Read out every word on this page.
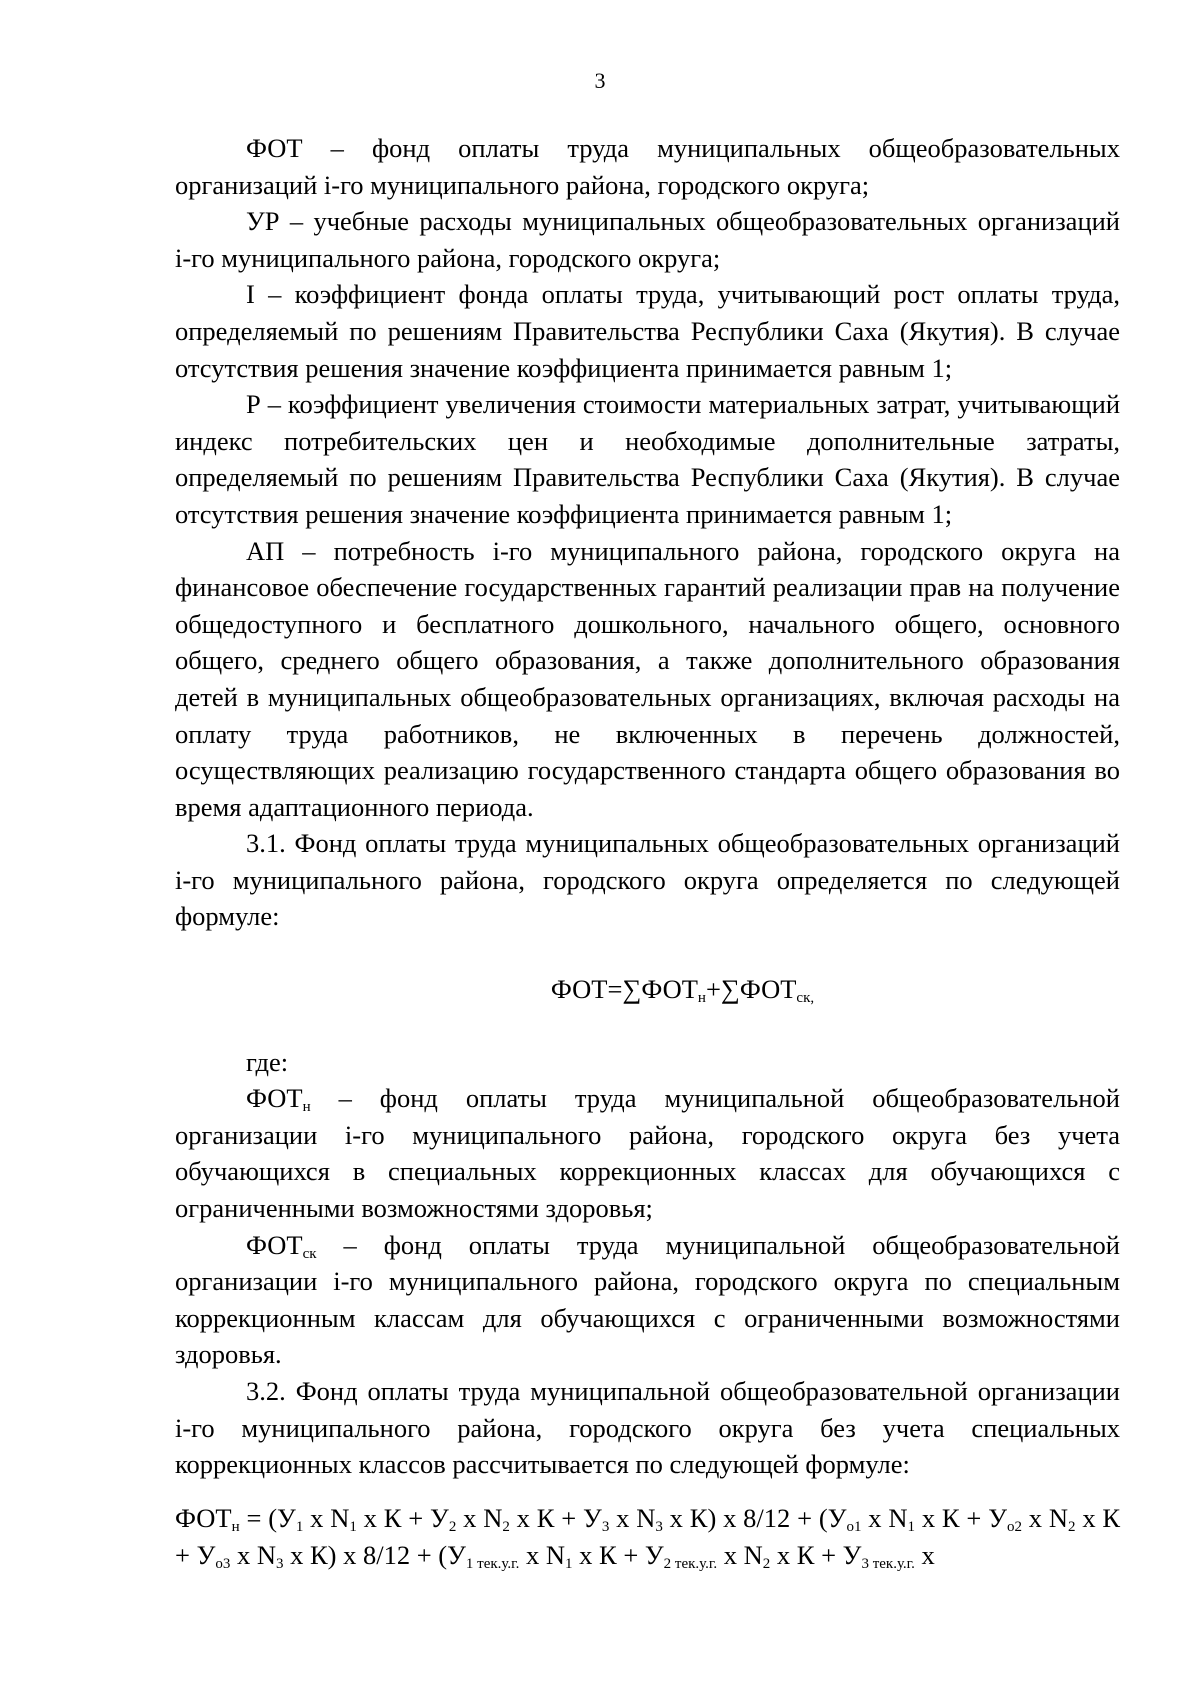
3

ФОТ – фонд оплаты труда муниципальных общеобразовательных организаций i-го муниципального района, городского округа;

УР – учебные расходы муниципальных общеобразовательных организаций i-го муниципального района, городского округа;

I – коэффициент фонда оплаты труда, учитывающий рост оплаты труда, определяемый по решениям Правительства Республики Саха (Якутия). В случае отсутствия решения значение коэффициента принимается равным 1;

Р – коэффициент увеличения стоимости материальных затрат, учитывающий индекс потребительских цен и необходимые дополнительные затраты, определяемый по решениям Правительства Республики Саха (Якутия). В случае отсутствия решения значение коэффициента принимается равным 1;

АП – потребность i-го муниципального района, городского округа на финансовое обеспечение государственных гарантий реализации прав на получение общедоступного и бесплатного дошкольного, начального общего, основного общего, среднего общего образования, а также дополнительного образования детей в муниципальных общеобразовательных организациях, включая расходы на оплату труда работников, не включенных в перечень должностей, осуществляющих реализацию государственного стандарта общего образования во время адаптационного периода.

3.1. Фонд оплаты труда муниципальных общеобразовательных организаций i-го муниципального района, городского округа определяется по следующей формуле:

$ФОТ=\sum ФОТ_н+\sum ФОТ_{ск,}$

где:

$ФОТ_н$ – фонд оплаты труда муниципальной общеобразовательной организации i-го муниципального района, городского округа без учета обучающихся в специальных коррекционных классах для обучающихся с ограниченными возможностями здоровья;

$ФОТ_{ск}$ – фонд оплаты труда муниципальной общеобразовательной организации i-го муниципального района, городского округа по специальным коррекционным классам для обучающихся с ограниченными возможностями здоровья.

3.2. Фонд оплаты труда муниципальной общеобразовательной организации i-го муниципального района, городского округа без учета специальных коррекционных классов рассчитывается по следующей формуле:

$ФОТ_н = (У_1$ х $N_1$ х $К + У_2$ х $N_2$ х $К + У_3$ х $N_3$ х К) х $8/12 + (У_{о1}$ х $N_1$ х $К + У_{о2}$ х $N_2$ х $К + У_{о3}$ х $N_3$ х К) х $8/12 + (У_{1 тек.у.г.}$ х $N_1$ х $К + У_{2 тек.у.г.}$ х $N_2$ х $К + У_{3 тек.у.г.}$ х
